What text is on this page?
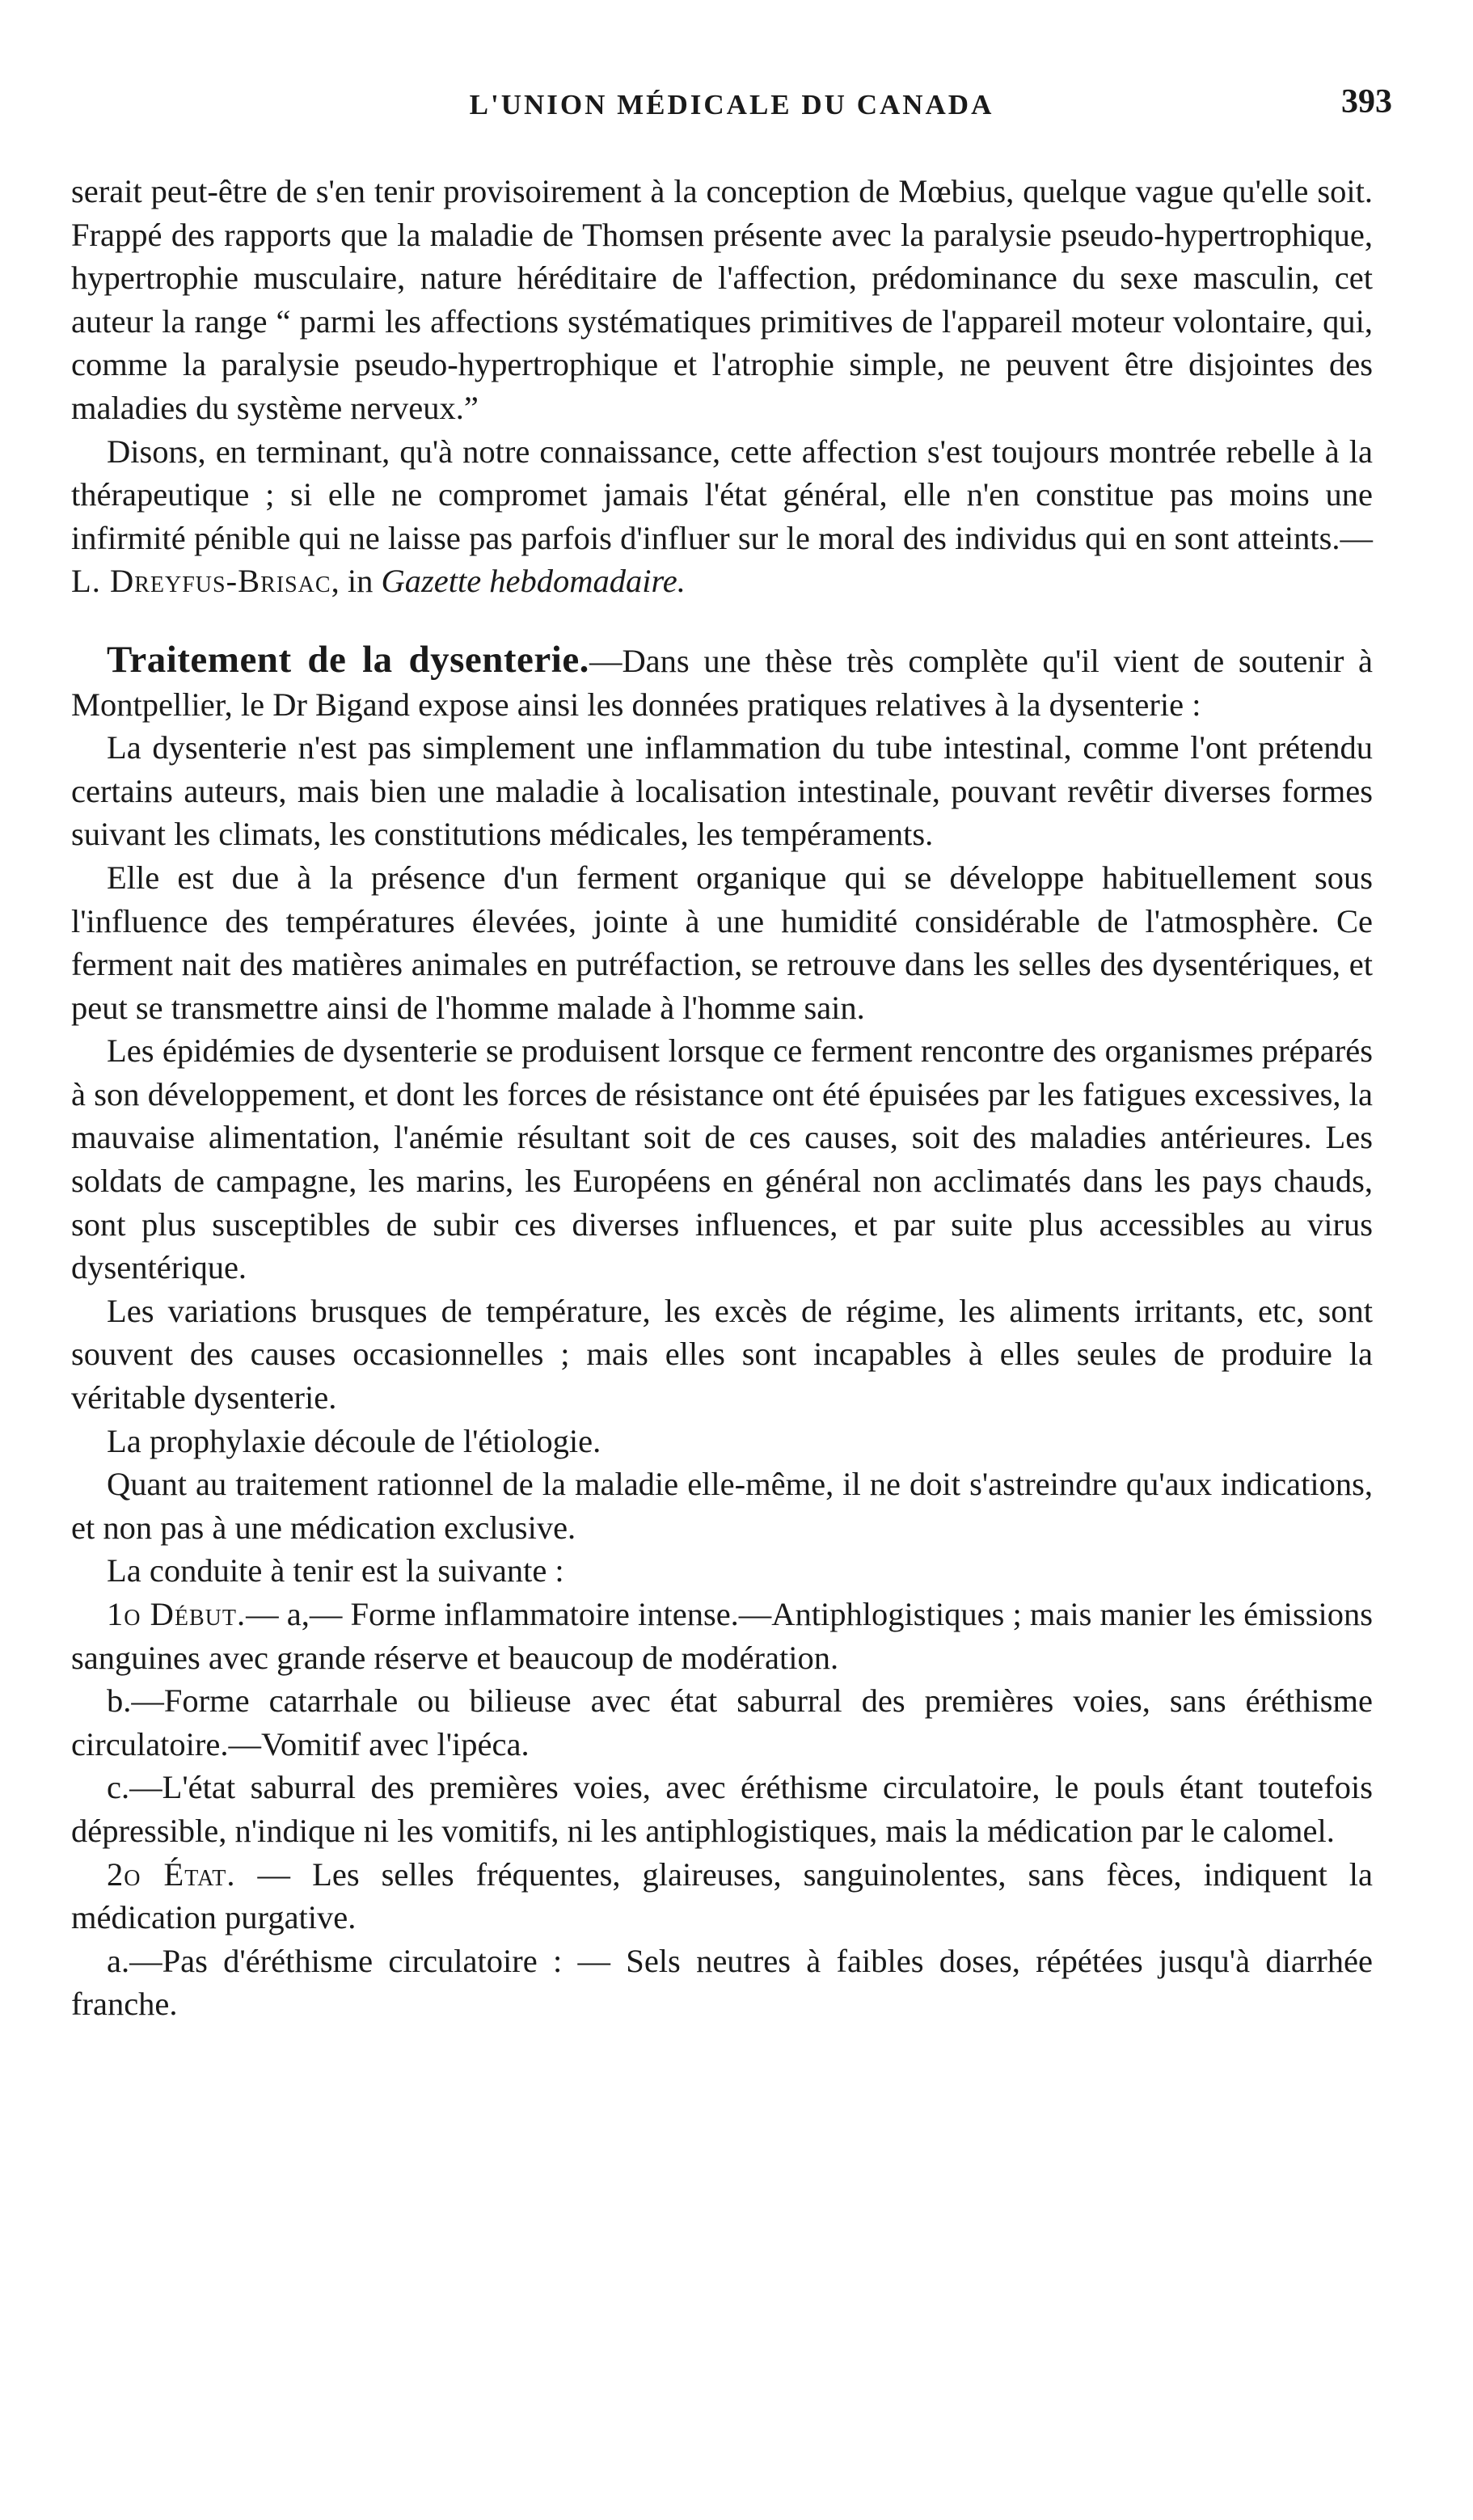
L'UNION MÉDICALE DU CANADA	393

serait peut-être de s'en tenir provisoirement à la conception de Mœbius, quelque vague qu'elle soit. Frappé des rapports que la maladie de Thomsen présente avec la paralysie pseudo-hypertrophique, hypertrophie musculaire, nature héréditaire de l'affection, prédominance du sexe masculin, cet auteur la range “ parmi les affections systématiques primitives de l'appareil moteur volontaire, qui, comme la paralysie pseudo-hypertrophique et l'atrophie simple, ne peuvent être disjointes des maladies du système nerveux.”

Disons, en terminant, qu'à notre connaissance, cette affection s'est toujours montrée rebelle à la thérapeutique ; si elle ne compromet jamais l'état général, elle n'en constitue pas moins une infirmité pénible qui ne laisse pas parfois d'influer sur le moral des individus qui en sont atteints.—L. Dreyfus-Brisac, in Gazette hebdomadaire.

Traitement de la dysenterie.—Dans une thèse très complète qu'il vient de soutenir à Montpellier, le Dr Bigand expose ainsi les données pratiques relatives à la dysenterie :

La dysenterie n'est pas simplement une inflammation du tube intestinal, comme l'ont prétendu certains auteurs, mais bien une maladie à localisation intestinale, pouvant revêtir diverses formes suivant les climats, les constitutions médicales, les tempéraments.

Elle est due à la présence d'un ferment organique qui se développe habituellement sous l'influence des températures élevées, jointe à une humidité considérable de l'atmosphère. Ce ferment nait des matières animales en putréfaction, se retrouve dans les selles des dysentériques, et peut se transmettre ainsi de l'homme malade à l'homme sain.

Les épidémies de dysenterie se produisent lorsque ce ferment rencontre des organismes préparés à son développement, et dont les forces de résistance ont été épuisées par les fatigues excessives, la mauvaise alimentation, l'anémie résultant soit de ces causes, soit des maladies antérieures. Les soldats de campagne, les marins, les Européens en général non acclimatés dans les pays chauds, sont plus susceptibles de subir ces diverses influences, et par suite plus accessibles au virus dysentérique.

Les variations brusques de température, les excès de régime, les aliments irritants, etc, sont souvent des causes occasionnelles ; mais elles sont incapables à elles seules de produire la véritable dysenterie.

La prophylaxie découle de l'étiologie.

Quant au traitement rationnel de la maladie elle-même, il ne doit s'astreindre qu'aux indications, et non pas à une médication exclusive.

La conduite à tenir est la suivante :

1o Début.— a,— Forme inflammatoire intense.—Antiphlogistiques ; mais manier les émissions sanguines avec grande réserve et beaucoup de modération.

b.—Forme catarrhale ou bilieuse avec état saburral des premières voies, sans éréthisme circulatoire.—Vomitif avec l'ipéca.

c.—L'état saburral des premières voies, avec éréthisme circulatoire, le pouls étant toutefois dépressible, n'indique ni les vomitifs, ni les antiphlogistiques, mais la médication par le calomel.

2o État. — Les selles fréquentes, glaireuses, sanguinolentes, sans fèces, indiquent la médication purgative.

a.—Pas d'éréthisme circulatoire : — Sels neutres à faibles doses, répétées jusqu'à diarrhée franche.
